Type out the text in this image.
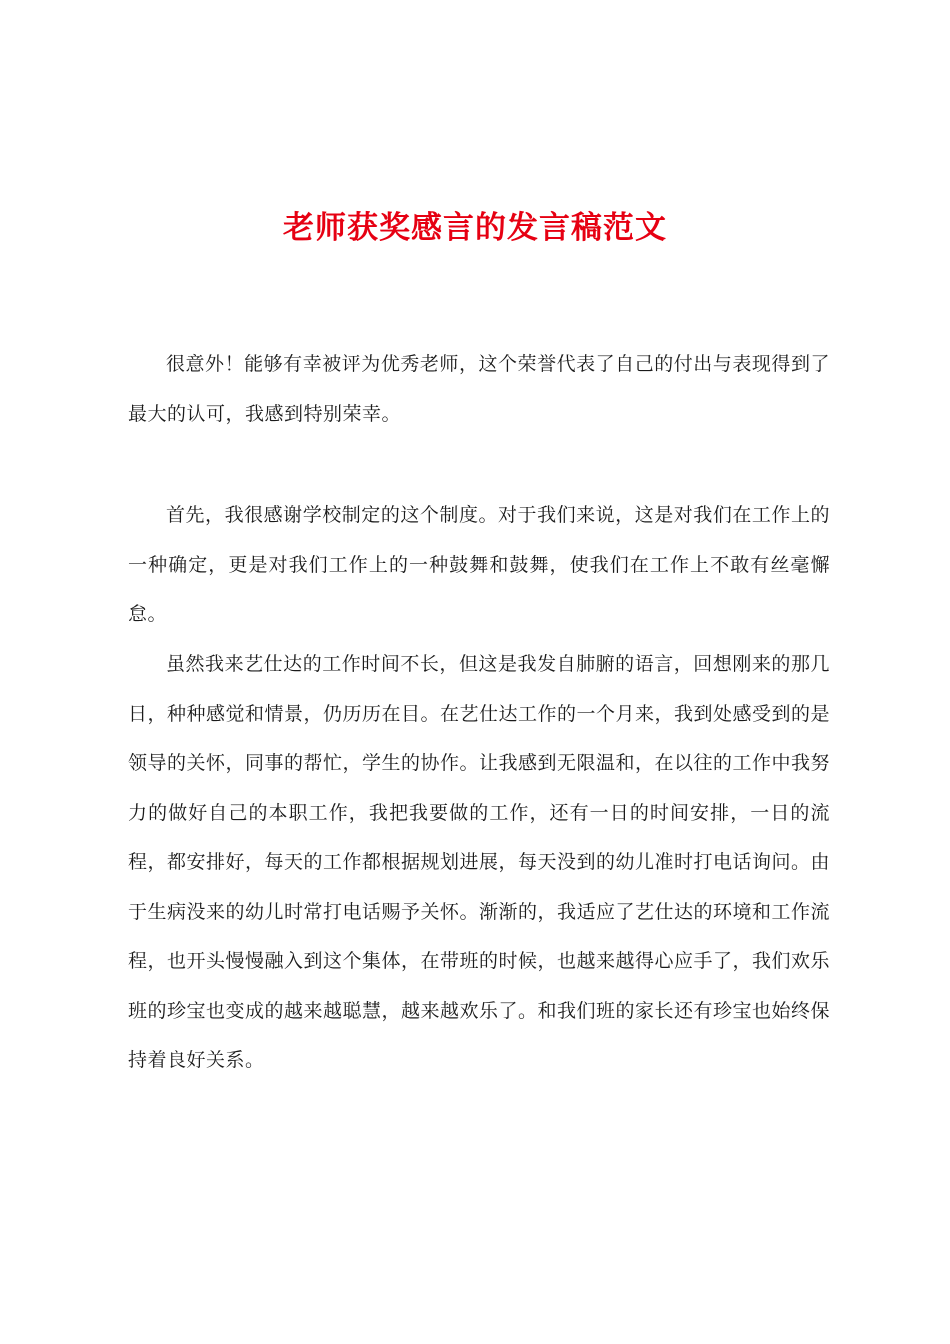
老师获奖感言的发言稿范文

很意外！能够有幸被评为优秀老师，这个荣誉代表了自己的付出与表现得到了最大的认可，我感到特别荣幸。

首先，我很感谢学校制定的这个制度。对于我们来说，这是对我们在工作上的一种确定，更是对我们工作上的一种鼓舞和鼓舞，使我们在工作上不敢有丝毫懈怠。

虽然我来艺仕达的工作时间不长，但这是我发自肺腑的语言，回想刚来的那几日，种种感觉和情景，仍历历在目。在艺仕达工作的一个月来，我到处感受到的是领导的关怀，同事的帮忙，学生的协作。让我感到无限温和，在以往的工作中我努力的做好自己的本职工作，我把我要做的工作，还有一日的时间安排，一日的流程，都安排好，每天的工作都根据规划进展，每天没到的幼儿准时打电话询问。由于生病没来的幼儿时常打电话赐予关怀。渐渐的，我适应了艺仕达的环境和工作流程，也开头慢慢融入到这个集体，在带班的时候，也越来越得心应手了，我们欢乐班的珍宝也变成的越来越聪慧，越来越欢乐了。和我们班的家长还有珍宝也始终保持着良好关系。
